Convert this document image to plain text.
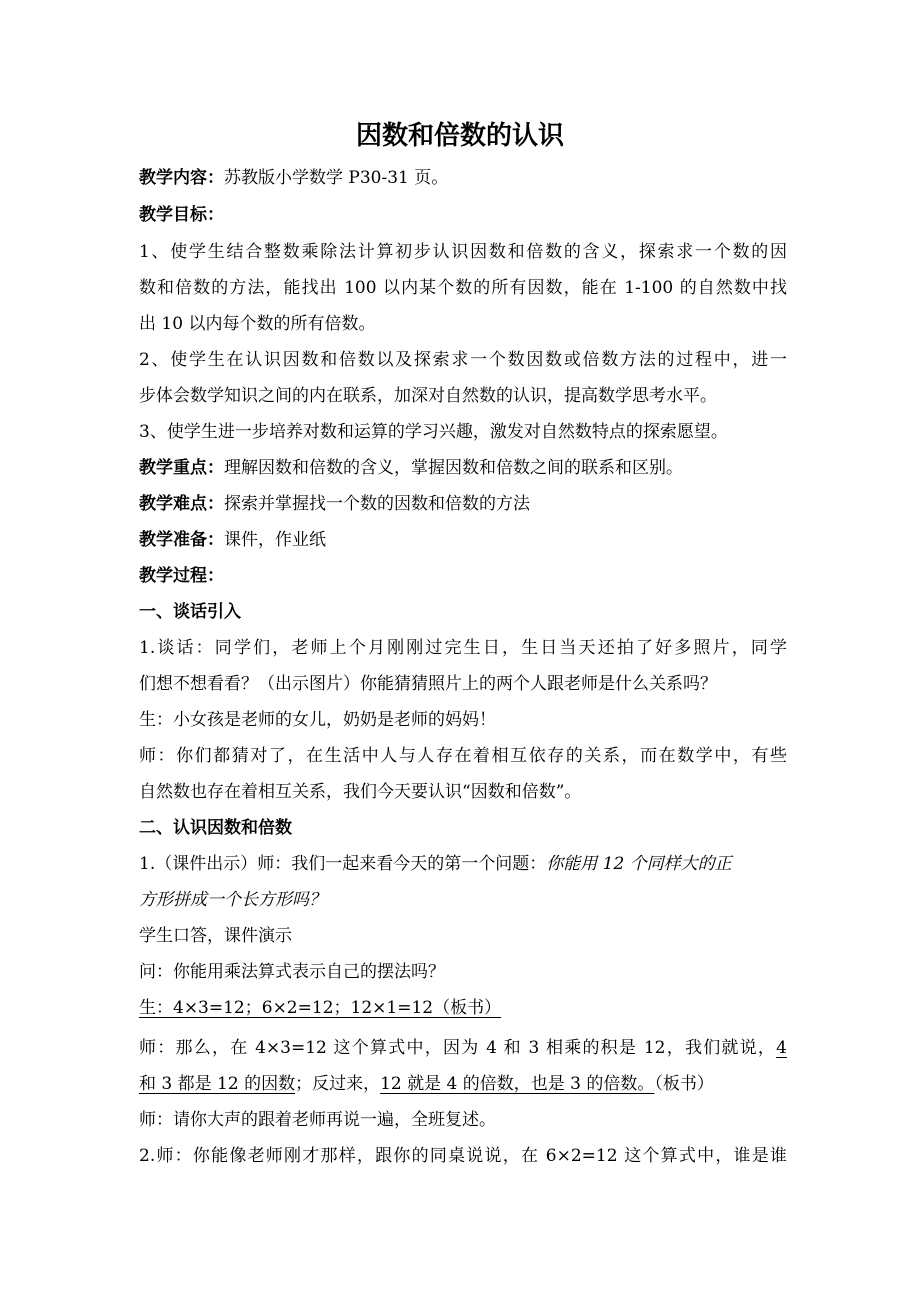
因数和倍数的认识
教学内容：苏教版小学数学 P30-31 页。
教学目标：
1、使学生结合整数乘除法计算初步认识因数和倍数的含义，探索求一个数的因
数和倍数的方法，能找出 100 以内某个数的所有因数，能在 1-100 的自然数中找
出 10 以内每个数的所有倍数。
2、使学生在认识因数和倍数以及探索求一个数因数或倍数方法的过程中，进一
步体会数学知识之间的内在联系，加深对自然数的认识，提高数学思考水平。
3、使学生进一步培养对数和运算的学习兴趣，激发对自然数特点的探索愿望。
教学重点：理解因数和倍数的含义，掌握因数和倍数之间的联系和区别。
教学难点：探索并掌握找一个数的因数和倍数的方法
教学准备：课件，作业纸
教学过程：
一、谈话引入
1.谈话：同学们，老师上个月刚刚过完生日，生日当天还拍了好多照片，同学
们想不想看看？（出示图片）你能猜猜照片上的两个人跟老师是什么关系吗？
生：小女孩是老师的女儿，奶奶是老师的妈妈！
师：你们都猜对了，在生活中人与人存在着相互依存的关系，而在数学中，有些
自然数也存在着相互关系，我们今天要认识“因数和倍数”。
二、认识因数和倍数
1.（课件出示）师：我们一起来看今天的第一个问题：你能用 12 个同样大的正
方形拼成一个长方形吗？
学生口答，课件演示
问：你能用乘法算式表示自己的摆法吗？
生：4×3=12；6×2=12；12×1=12（板书）
师：那么，在 4×3=12 这个算式中，因为 4 和 3 相乘的积是 12，我们就说，4
和 3 都是 12 的因数；反过来，12 就是 4 的倍数，也是 3 的倍数。（板书）
师：请你大声的跟着老师再说一遍，全班复述。
2.师：你能像老师刚才那样，跟你的同桌说说，在 6×2=12 这个算式中，谁是谁
